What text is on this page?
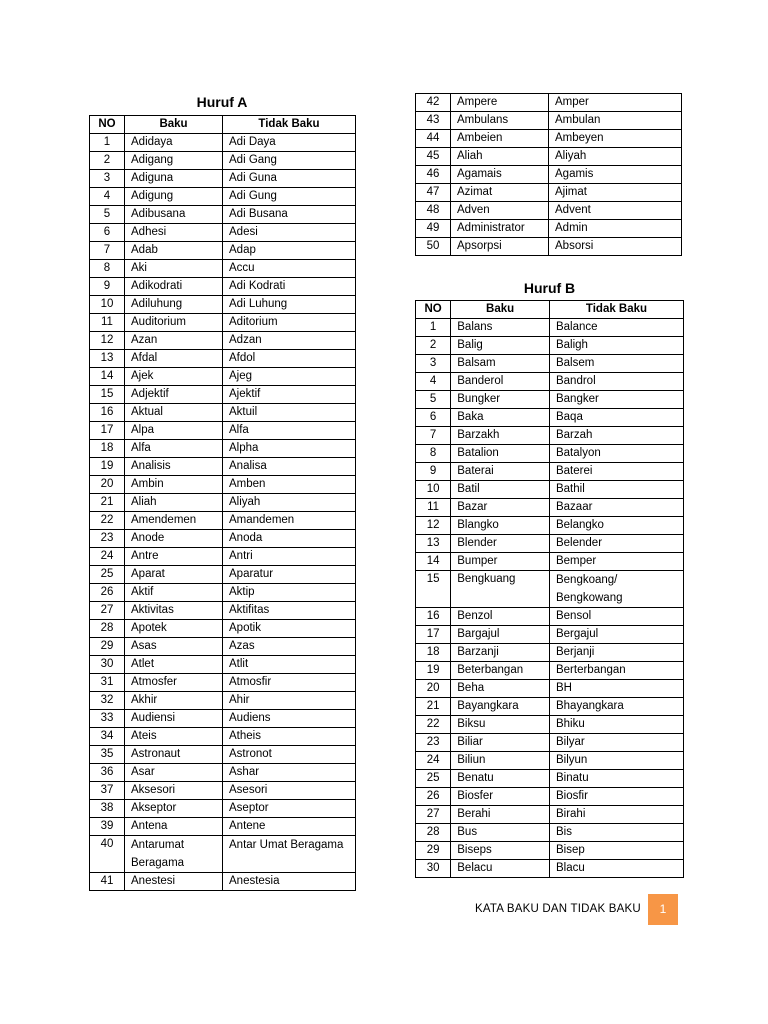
Huruf A
NO	Baku	Tidak Baku
1	Adidaya	Adi Daya
2	Adigang	Adi Gang
3	Adiguna	Adi Guna
4	Adigung	Adi Gung
5	Adibusana	Adi Busana
6	Adhesi	Adesi
7	Adab	Adap
8	Aki	Accu
9	Adikodrati	Adi Kodrati
10	Adiluhung	Adi Luhung
11	Auditorium	Aditorium
12	Azan	Adzan
13	Afdal	Afdol
14	Ajek	Ajeg
15	Adjektif	Ajektif
16	Aktual	Aktuil
17	Alpa	Alfa
18	Alfa	Alpha
19	Analisis	Analisa
20	Ambin	Amben
21	Aliah	Aliyah
22	Amendemen	Amandemen
23	Anode	Anoda
24	Antre	Antri
25	Aparat	Aparatur
26	Aktif	Aktip
27	Aktivitas	Aktifitas
28	Apotek	Apotik
29	Asas	Azas
30	Atlet	Atlit
31	Atmosfer	Atmosfir
32	Akhir	Ahir
33	Audiensi	Audiens
34	Ateis	Atheis
35	Astronaut	Astronot
36	Asar	Ashar
37	Aksesori	Asesori
38	Akseptor	Aseptor
39	Antena	Antene
40	Antarumat Beragama	Antar Umat Beragama
41	Anestesi	Anestesia
42	Ampere	Amper
43	Ambulans	Ambulan
44	Ambeien	Ambeyen
45	Aliah	Aliyah
46	Agamais	Agamis
47	Azimat	Ajimat
48	Adven	Advent
49	Administrator	Admin
50	Apsorpsi	Absorsi
Huruf B
NO	Baku	Tidak Baku
1	Balans	Balance
2	Balig	Baligh
3	Balsam	Balsem
4	Banderol	Bandrol
5	Bungker	Bangker
6	Baka	Baqa
7	Barzakh	Barzah
8	Batalion	Batalyon
9	Baterai	Baterei
10	Batil	Bathil
11	Bazar	Bazaar
12	Blangko	Belangko
13	Blender	Belender
14	Bumper	Bemper
15	Bengkuang	Bengkoang/ Bengkowang
16	Benzol	Bensol
17	Bargajul	Bergajul
18	Barzanji	Berjanji
19	Beterbangan	Berterbangan
20	Beha	BH
21	Bayangkara	Bhayangkara
22	Biksu	Bhiku
23	Biliar	Bilyar
24	Biliun	Bilyun
25	Benatu	Binatu
26	Biosfer	Biosfir
27	Berahi	Birahi
28	Bus	Bis
29	Biseps	Bisep
30	Belacu	Blacu
KATA BAKU DAN TIDAK BAKU	1
